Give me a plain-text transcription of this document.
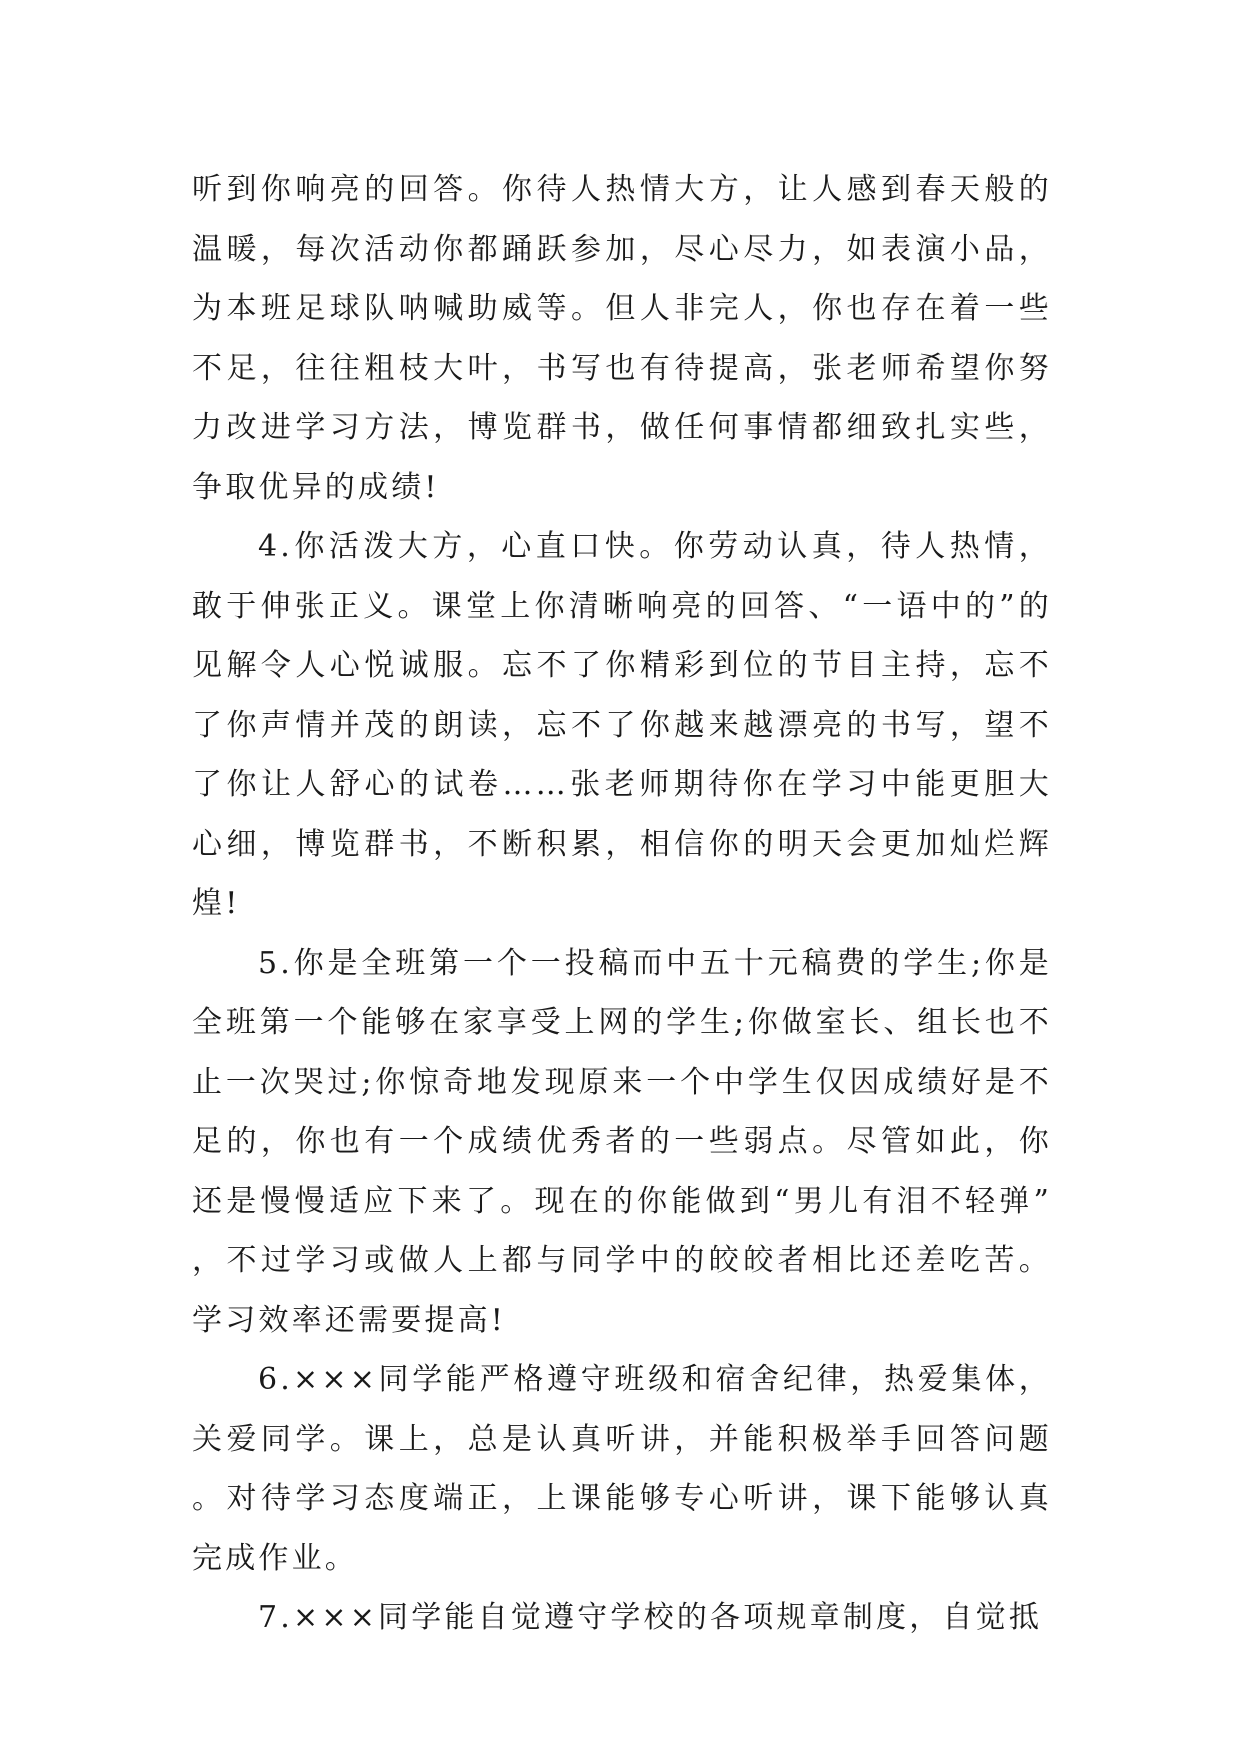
听到你响亮的回答。你待人热情大方，让人感到春天般的温暖，每次活动你都踊跃参加，尽心尽力，如表演小品，为本班足球队呐喊助威等。但人非完人，你也存在着一些不足，往往粗枝大叶，书写也有待提高，张老师希望你努力改进学习方法，博览群书，做任何事情都细致扎实些，争取优异的成绩!

4.你活泼大方，心直口快。你劳动认真，待人热情，敢于伸张正义。课堂上你清晰响亮的回答、“一语中的”的见解令人心悦诚服。忘不了你精彩到位的节目主持，忘不了你声情并茂的朗读，忘不了你越来越漂亮的书写，望不了你让人舒心的试卷……张老师期待你在学习中能更胆大心细，博览群书，不断积累，相信你的明天会更加灿烂辉煌!

5.你是全班第一个一投稿而中五十元稿费的学生;你是全班第一个能够在家享受上网的学生;你做室长、组长也不止一次哭过;你惊奇地发现原来一个中学生仅因成绩好是不足的，你也有一个成绩优秀者的一些弱点。尽管如此，你还是慢慢适应下来了。现在的你能做到“男儿有泪不轻弹”，不过学习或做人上都与同学中的皎皎者相比还差吃苦。学习效率还需要提高!

6.×××同学能严格遵守班级和宿舍纪律，热爱集体，关爱同学。课上，总是认真听讲，并能积极举手回答问题。对待学习态度端正，上课能够专心听讲，课下能够认真完成作业。

7.×××同学能自觉遵守学校的各项规章制度，自觉抵
